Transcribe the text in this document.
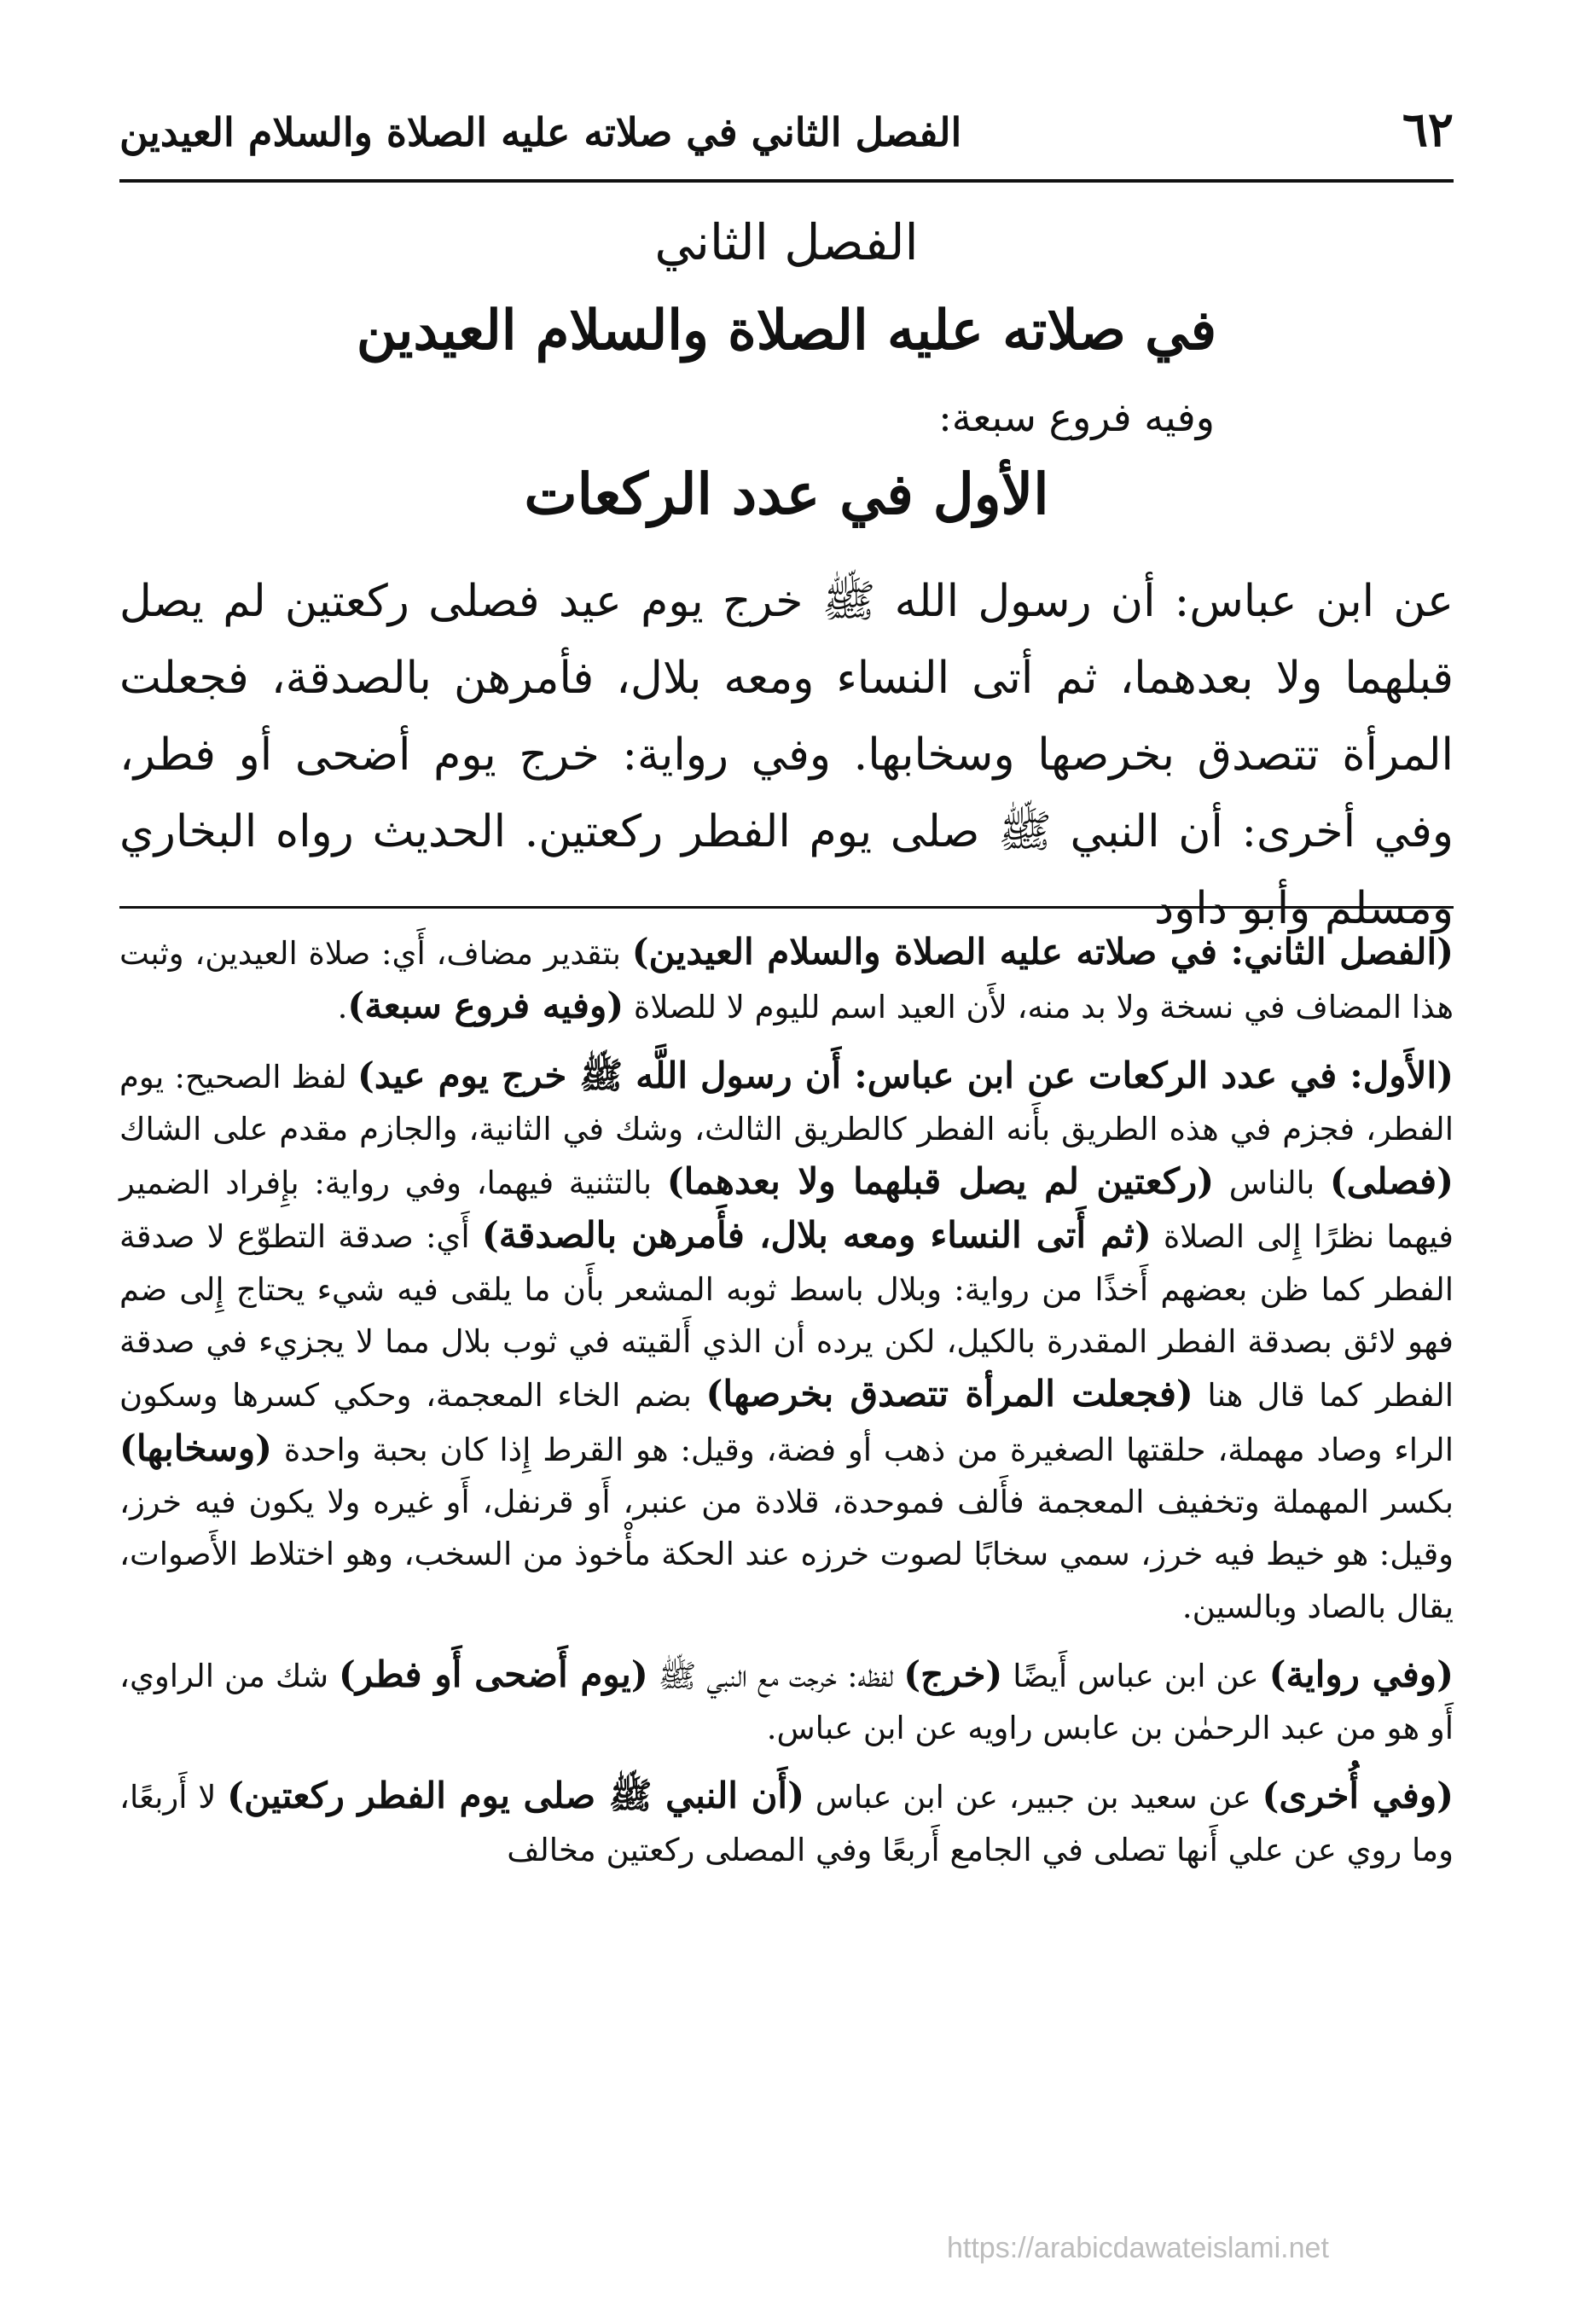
٦٢
الفصل الثاني في صلاته عليه الصلاة والسلام العيدين
الفصل الثاني
في صلاته عليه الصلاة والسلام العيدين
وفيه فروع سبعة:
الأول في عدد الركعات

عن ابن عباس: أن رسول الله ﷺ خرج يوم عيد فصلى ركعتين لم يصل قبلهما ولا بعدهما، ثم أتى النساء ومعه بلال، فأمرهن بالصدقة، فجعلت المرأة تتصدق بخرصها وسخابها. وفي رواية: خرج يوم أضحى أو فطر، وفي أخرى: أن النبي ﷺ صلى يوم الفطر ركعتين. الحديث رواه البخاري ومسلم وأبو داود

(الفصل الثاني: في صلاته عليه الصلاة والسلام العيدين) بتقدير مضاف، أَي: صلاة العيدين، وثبت هذا المضاف في نسخة ولا بد منه، لأَن العيد اسم لليوم لا للصلاة (وفيه فروع سبعة).

(الأَول: في عدد الركعات عن ابن عباس: أَن رسول اللَّه ﷺ خرج يوم عيد) لفظ الصحيح: يوم الفطر، فجزم في هذه الطريق بأَنه الفطر كالطريق الثالث، وشك في الثانية، والجازم مقدم على الشاك (فصلى) بالناس (ركعتين لم يصل قبلهما ولا بعدهما) بالتثنية فيهما، وفي رواية: بإِفراد الضمير فيهما نظرًا إِلى الصلاة (ثم أَتى النساء ومعه بلال، فأَمرهن بالصدقة) أَي: صدقة التطوّع لا صدقة الفطر كما ظن بعضهم أَخذًا من رواية: وبلال باسط ثوبه المشعر بأَن ما يلقى فيه شيء يحتاج إِلى ضم فهو لائق بصدقة الفطر المقدرة بالكيل، لكن يرده أن الذي أَلقيته في ثوب بلال مما لا يجزيء في صدقة الفطر كما قال هنا (فجعلت المرأة تتصدق بخرصها) بضم الخاء المعجمة، وحكي كسرها وسكون الراء وصاد مهملة، حلقتها الصغيرة من ذهب أو فضة، وقيل: هو القرط إِذا كان بحبة واحدة (وسخابها) بكسر المهملة وتخفيف المعجمة فأَلف فموحدة، قلادة من عنبر، أَو قرنفل، أَو غيره ولا يكون فيه خرز، وقيل: هو خيط فيه خرز، سمي سخابًا لصوت خرزه عند الحكة مأْخوذ من السخب، وهو اختلاط الأَصوات، يقال بالصاد وبالسين.

(وفي رواية) عن ابن عباس أَيضًا (خرج) لفظه: خرجت مع النبي ﷺ (يوم أَضحى أَو فطر) شك من الراوي، أَو هو من عبد الرحمٰن بن عابس راويه عن ابن عباس.

(وفي أُخرى) عن سعيد بن جبير، عن ابن عباس (أَن النبي ﷺ صلى يوم الفطر ركعتين) لا أَربعًا، وما روي عن علي أَنها تصلى في الجامع أَربعًا وفي المصلى ركعتين مخالف

https://arabicdawateislami.net
